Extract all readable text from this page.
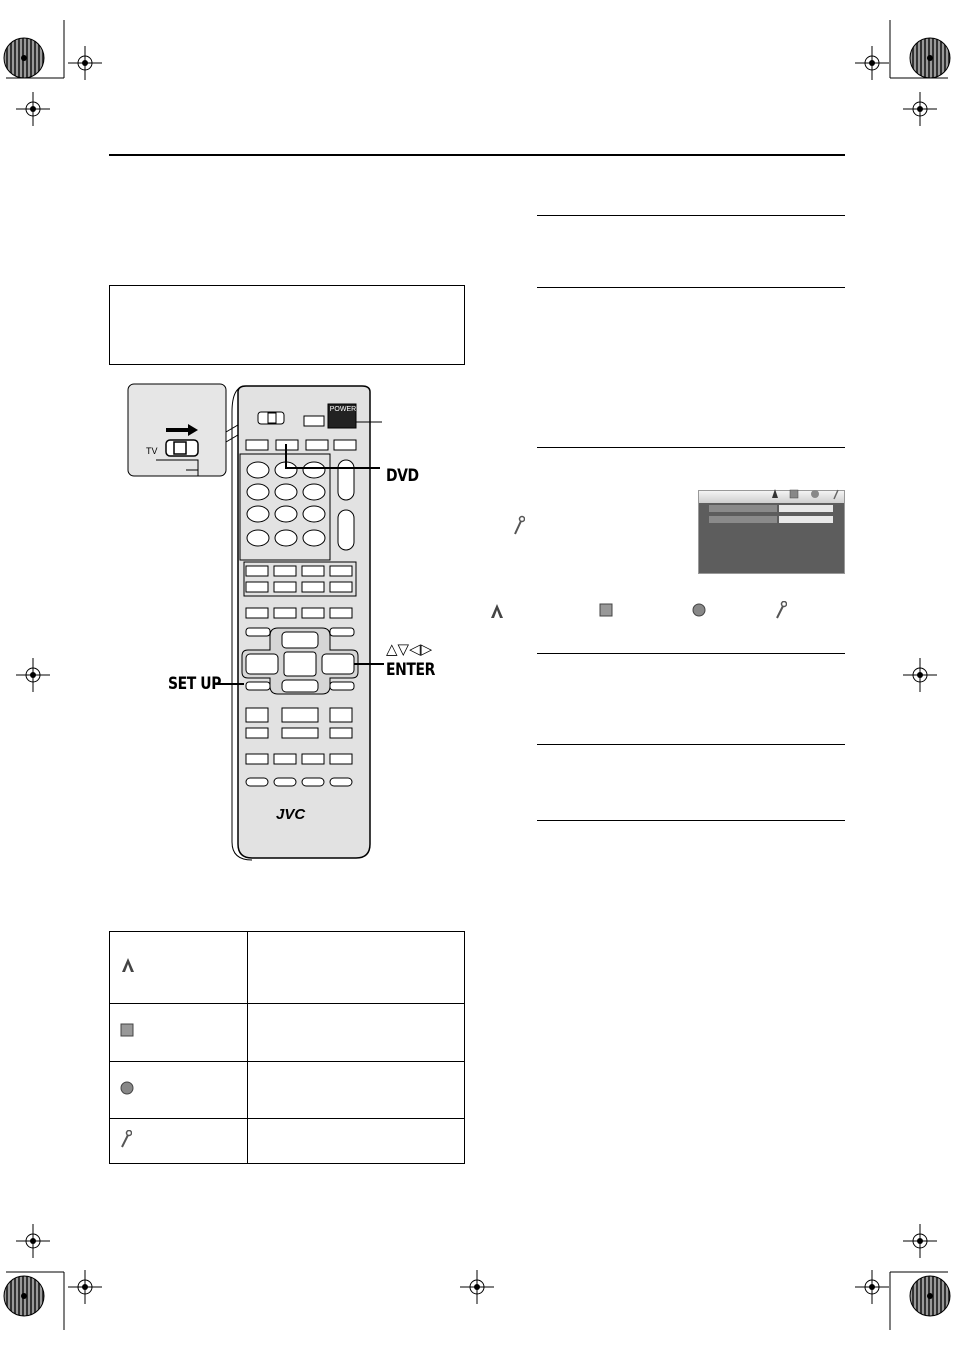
POWER
TV
JVC
DVD
△▽◁▷
ENTER
SET UP
